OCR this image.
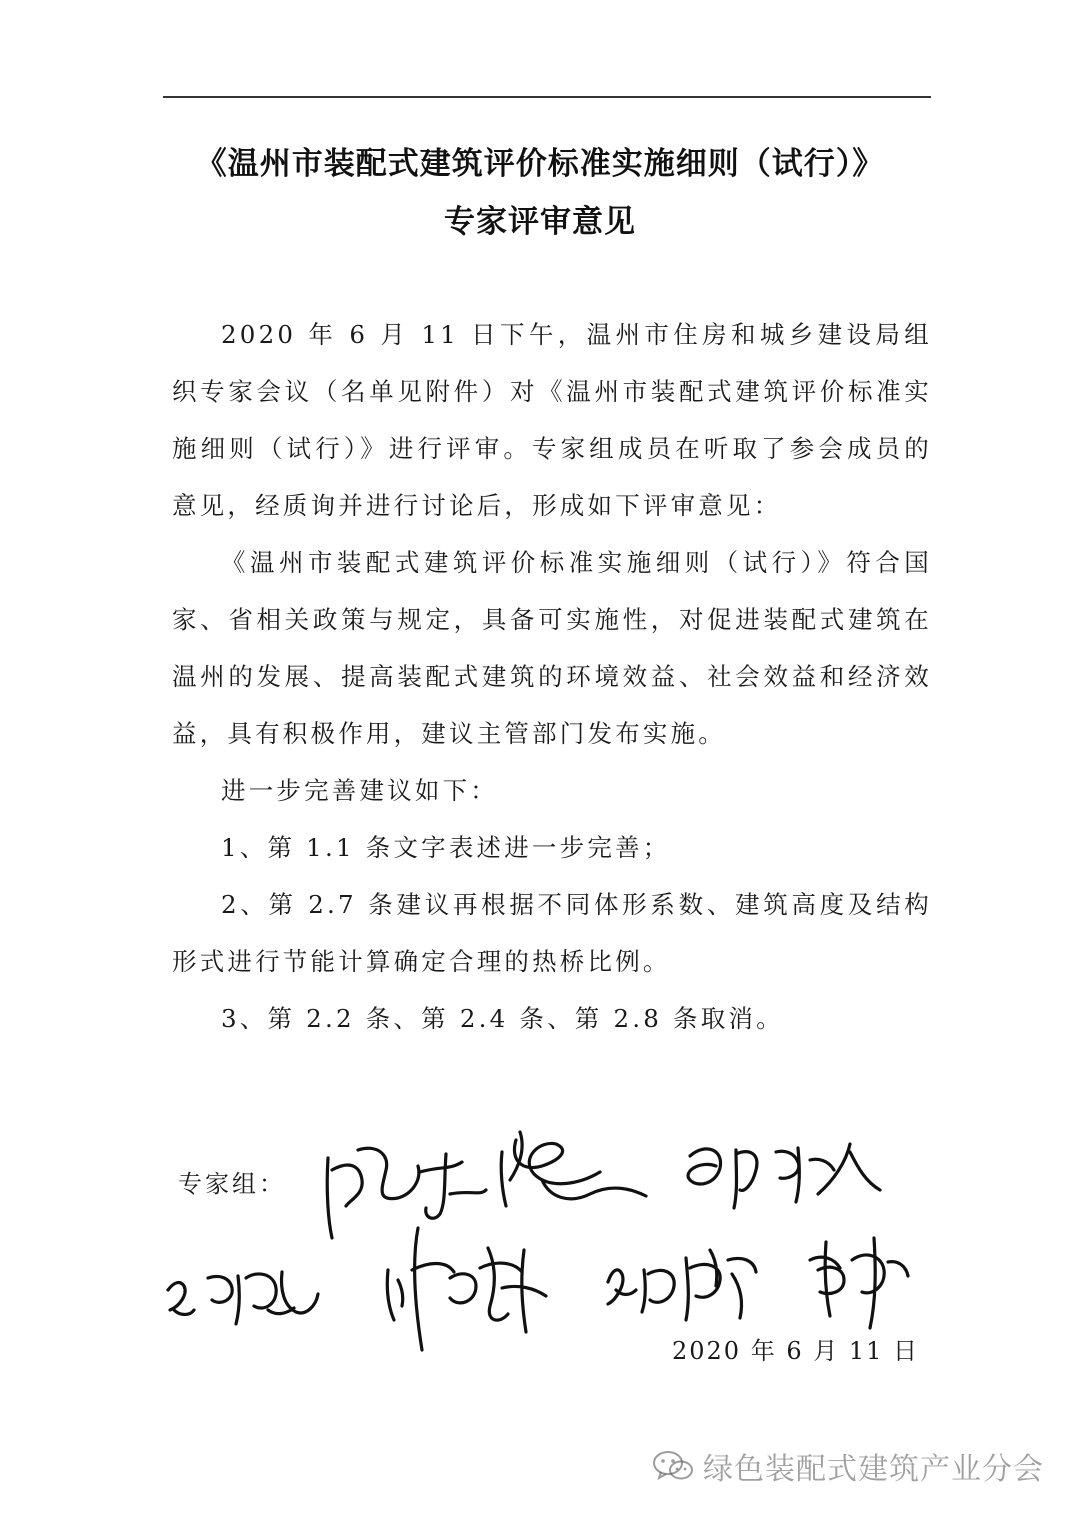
《温州市装配式建筑评价标准实施细则（试行）》
专家评审意见

2020 年 6 月 11 日下午，温州市住房和城乡建设局组织专家会议（名单见附件）对《温州市装配式建筑评价标准实施细则（试行）》进行评审。专家组成员在听取了参会成员的意见，经质询并进行讨论后，形成如下评审意见：

《温州市装配式建筑评价标准实施细则（试行）》符合国家、省相关政策与规定，具备可实施性，对促进装配式建筑在温州的发展、提高装配式建筑的环境效益、社会效益和经济效益，具有积极作用，建议主管部门发布实施。

进一步完善建议如下：

1、第 1.1 条文字表述进一步完善；

2、第 2.7 条建议再根据不同体形系数、建筑高度及结构形式进行节能计算确定合理的热桥比例。

3、第 2.2 条、第 2.4 条、第 2.8 条取消。

专家组：
2020 年 6 月 11 日
绿色装配式建筑产业分会
